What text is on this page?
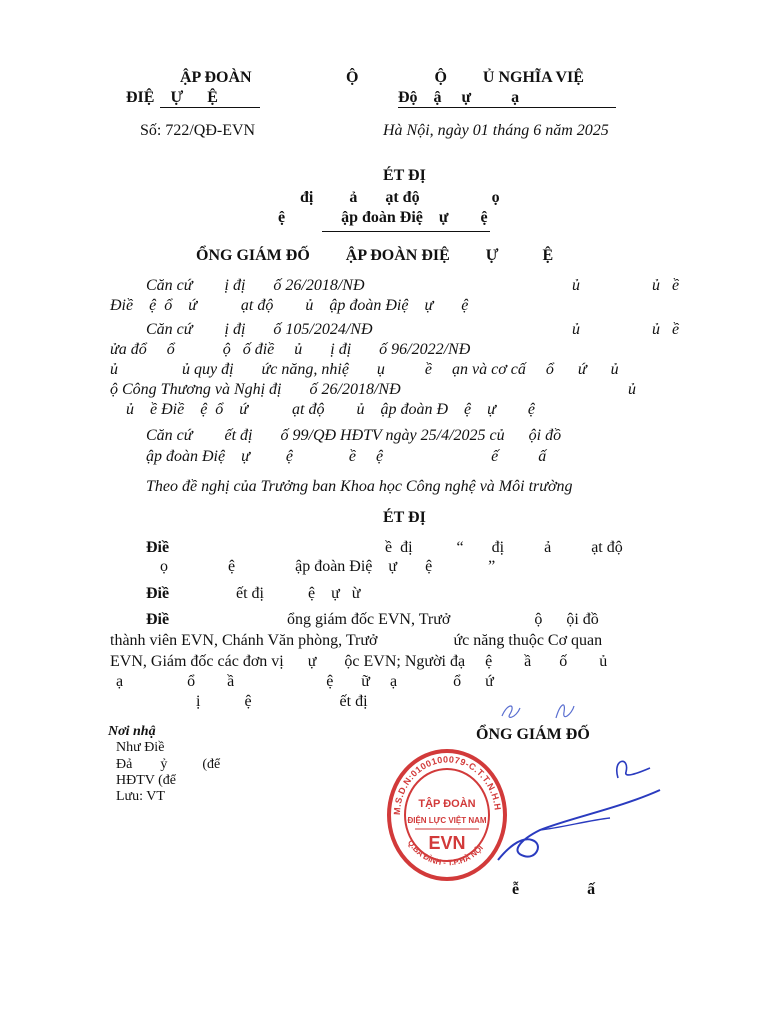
ẬP ĐOÀN
ĐIỆ    Ự      Ệ
Ộ                   Ộ         Ủ NGHĨA VIỆ
Độ    ậ     ự          ạ
Số: 722/QĐ-EVN	Hà Nội, ngày 01 tháng 6 năm 2025
ÉT ĐỊ
đị         ả       ạt độ                  ọ
ệ              ập đoàn Điệ    ự        ệ
ỔNG GIÁM ĐỐ         ẬP ĐOÀN ĐIỆ         Ự           Ệ
Căn cứ        ị đị       ố 26/2018/NĐ	ủ                  ủ   ề
Điề    ệ  ổ    ứ           ạt độ        ủ    ập đoàn Điệ    ự       ệ
Căn cứ        ị đị       ố 105/2024/NĐ	ủ                  ủ   ề
ửa đổ     ổ            ộ   ố điề     ủ       ị đị       ố 96/2022/NĐ
ủ                ủ quy đị       ức năng, nhiệ       ụ          ề     ạn và cơ cấ     ổ      ứ      ủ
ộ Công Thương và Nghị đị       ố 26/2018/NĐ	ủ
ủ    ề Điề    ệ  ổ    ứ           ạt độ        ủ    ập đoàn Đ    ệ    ự        ệ
Căn cứ        ết đị       ố 99/QĐ HĐTV ngày 25/4/2025 củ      ội đồ
ập đoàn Điệ    ự         ệ              ề     ệ                           ế          ấ
Theo đề nghị của Trưởng ban Khoa học Công nghệ và Môi trường
ÉT ĐỊ
Điề	ề  đị           “       đị          ả          ạt độ
ọ               ệ               ập đoàn Điệ    ự       ệ              ”
Điề	ết đị           ệ    ự   ừ
Điề	ổng giám đốc EVN, Trưở                     ộ      ội đồ
thành viên EVN, Chánh Văn phòng, Trưở                   ức năng thuộc Cơ quan
EVN, Giám đốc các đơn vị      ự       ộc EVN; Người đạ     ệ        ầ       ố        ủ
ạ                ổ        ầ                       ệ       ữ     ạ              ổ      ứ
ị           ệ                      ết đị
Nơi nhậ
Như Điề
Đả        ỷ          (để
HĐTV (để
Lưu: VT
ỔNG GIÁM ĐỐ
M.S.D.N:0100100079-C.T.T.N.H.H
Q.BA ĐÌNH - T.P.HÀ NỘI
TẬP ĐOÀN
ĐIỆN LỰC VIỆT NAM
EVN
ễ                 ấ
